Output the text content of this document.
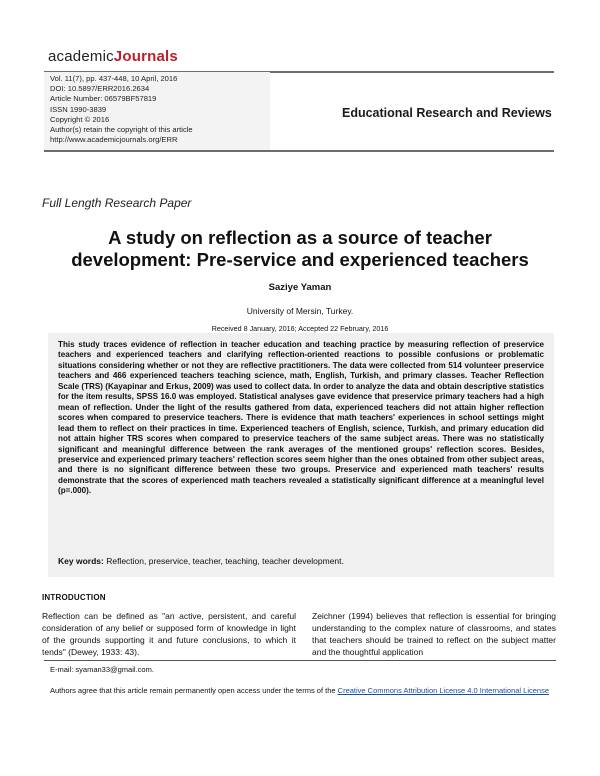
academicJournals
Vol. 11(7), pp. 437-448, 10 April, 2016
DOI: 10.5897/ERR2016.2634
Article Number: 06579BF57819
ISSN 1990-3839
Copyright © 2016
Author(s) retain the copyright of this article
http://www.academicjournals.org/ERR
Educational Research and Reviews
Full Length Research Paper
A study on reflection as a source of teacher
development: Pre-service and experienced teachers
Saziye Yaman
University of Mersin, Turkey.
Received 8 January, 2016; Accepted 22 February, 2016
This study traces evidence of reflection in teacher education and teaching practice by measuring reflection of preservice teachers and experienced teachers and clarifying reflection-oriented reactions to possible confusions or problematic situations considering whether or not they are reflective practitioners. The data were collected from 514 volunteer preservice teachers and 466 experienced teachers teaching science, math, English, Turkish, and primary classes. Teacher Reflection Scale (TRS) (Kayapinar and Erkus, 2009) was used to collect data. In order to analyze the data and obtain descriptive statistics for the item results, SPSS 16.0 was employed. Statistical analyses gave evidence that preservice primary teachers had a high mean of reflection. Under the light of the results gathered from data, experienced teachers did not attain higher reflection scores when compared to preservice teachers. There is evidence that math teachers' experiences in school settings might lead them to reflect on their practices in time. Experienced teachers of English, science, Turkish, and primary education did not attain higher TRS scores when compared to preservice teachers of the same subject areas. There was no statistically significant and meaningful difference between the rank averages of the mentioned groups' reflection scores. Besides, preservice and experienced primary teachers' reflection scores seem higher than the ones obtained from other subject areas, and there is no significant difference between these two groups. Preservice and experienced math teachers' results demonstrate that the scores of experienced math teachers revealed a statistically significant difference at a meaningful level (p=.000).
Key words: Reflection, preservice, teacher, teaching, teacher development.
INTRODUCTION
Reflection can be defined as "an active, persistent, and careful consideration of any belief or supposed form of knowledge in light of the grounds supporting it and future conclusions, to which it tends" (Dewey, 1933: 43).
Zeichner (1994) believes that reflection is essential for bringing understanding to the complex nature of classrooms, and states that teachers should be trained to reflect on the subject matter and the thoughtful application
E-mail: syaman33@gmail.com.
Authors agree that this article remain permanently open access under the terms of the Creative Commons Attribution License 4.0 International License
